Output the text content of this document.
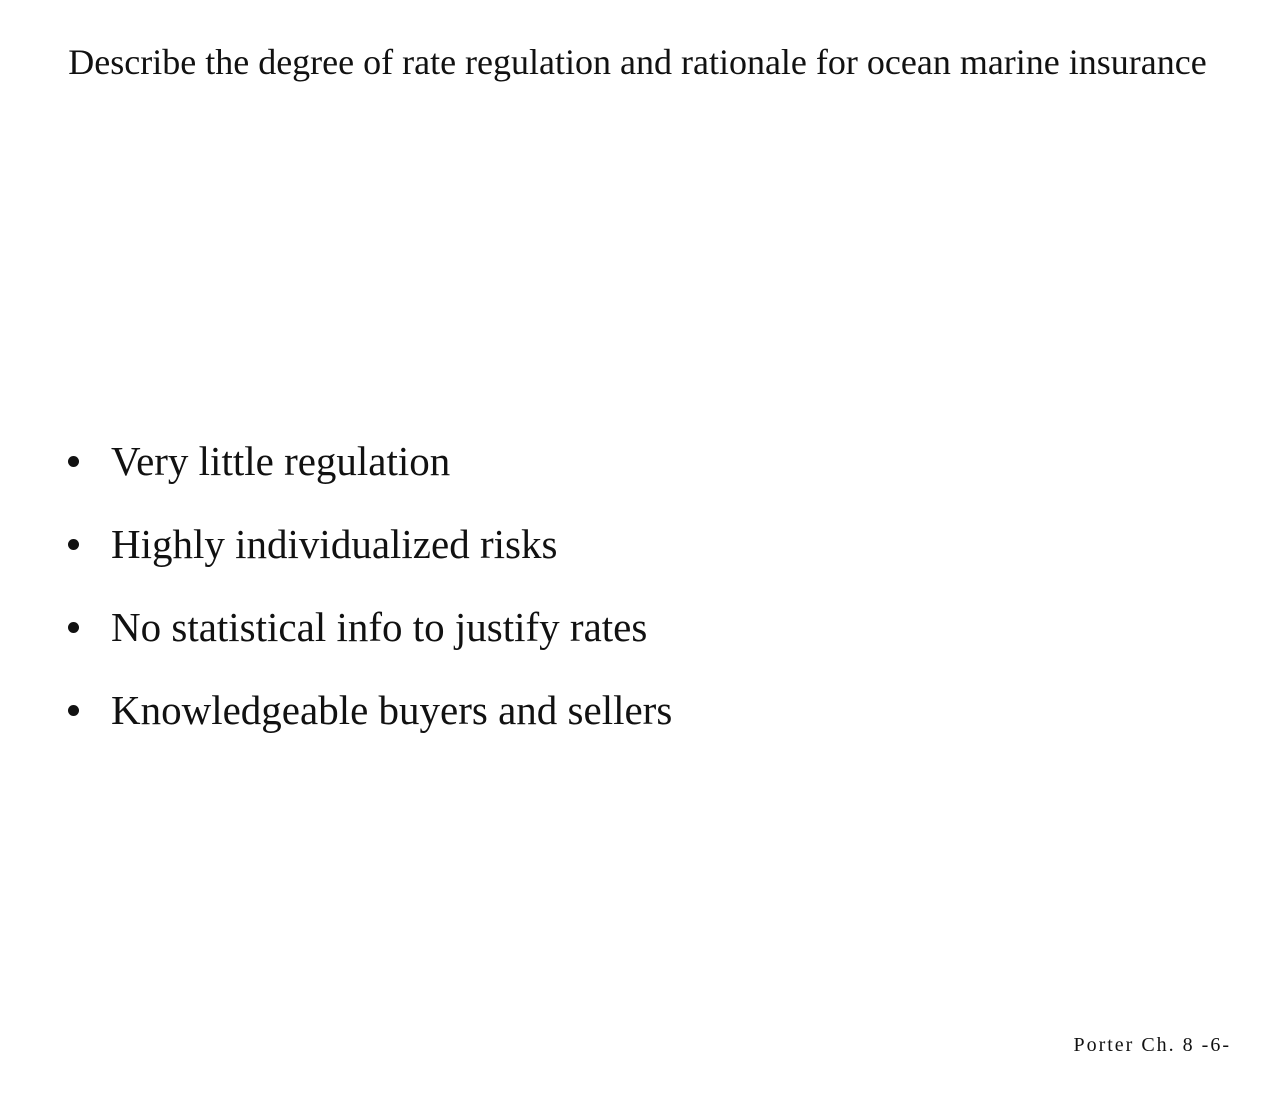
Describe the degree of rate regulation and rationale for ocean marine insurance
Very little regulation
Highly individualized risks
No statistical info to justify rates
Knowledgeable buyers and sellers
Porter Ch. 8 -6-
